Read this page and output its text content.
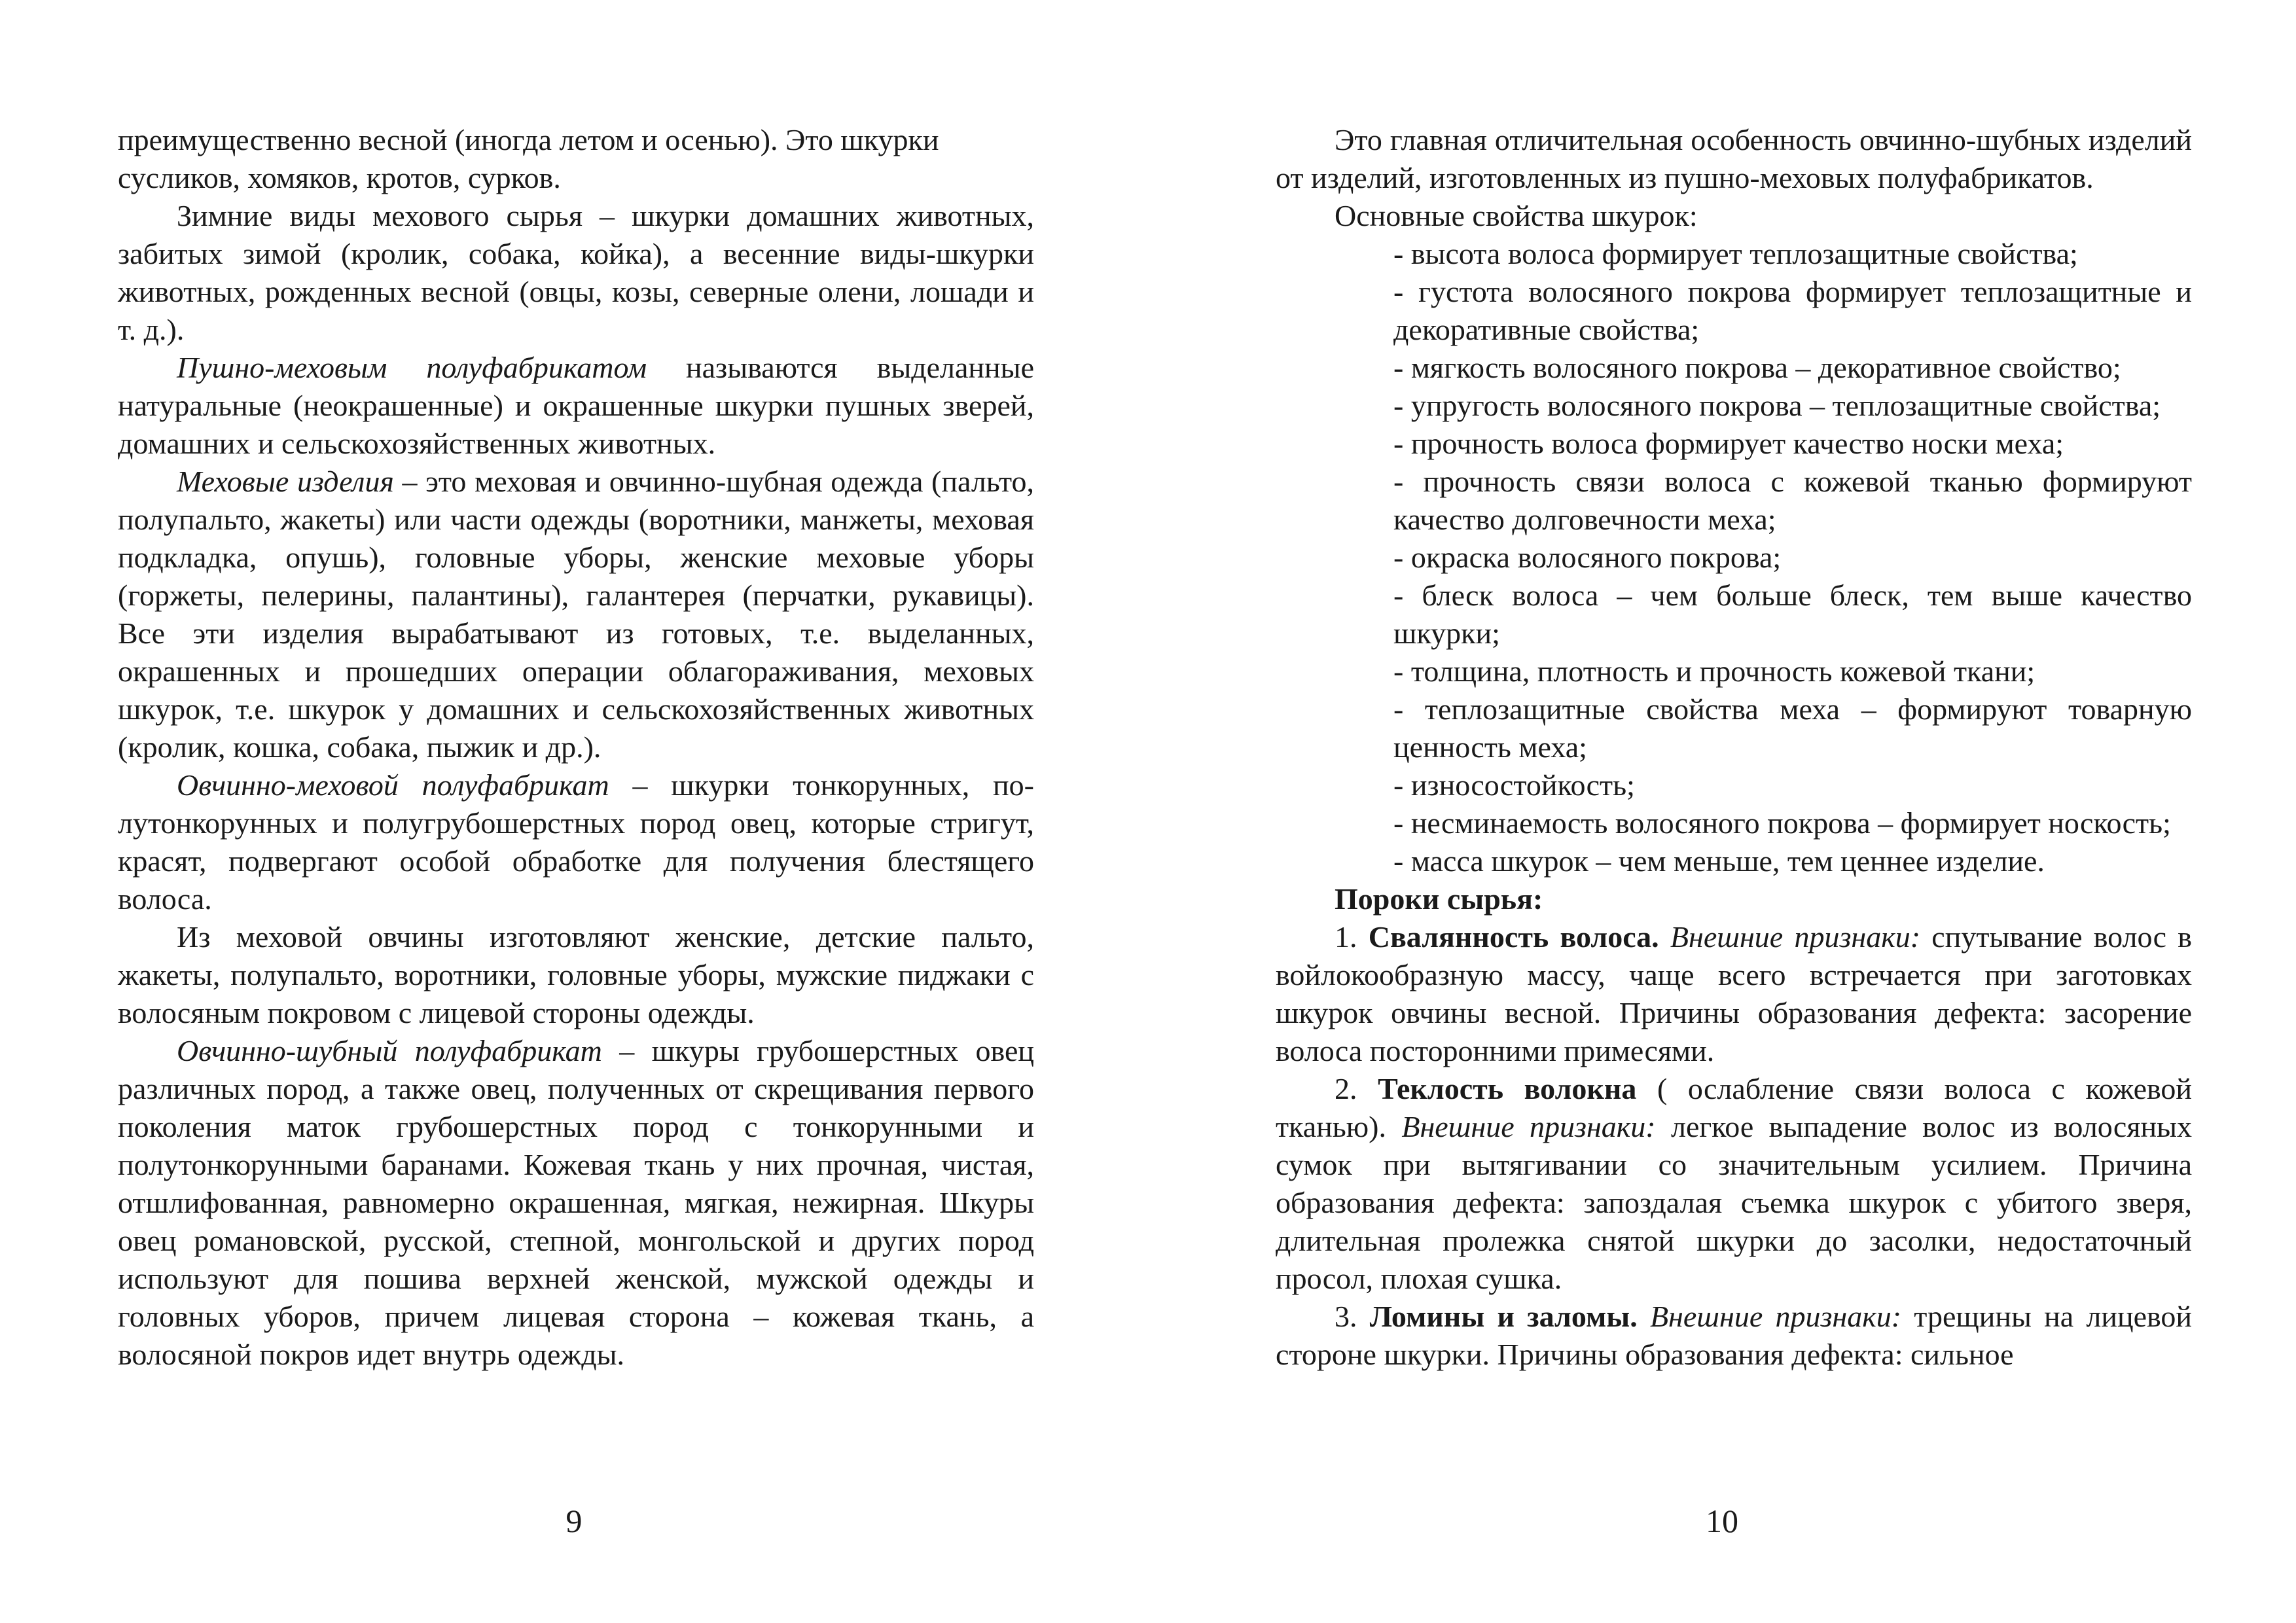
преимущественно весной (иногда летом и осенью). Это шкурки сусликов, хомяков, кротов, сурков.

Зимние виды мехового сырья – шкурки домашних животных, забитых зимой (кролик, собака, койка), а весенние виды-шкурки животных, рожденных весной (овцы, козы, северные олени, лошади и т. д.).

Пушно-меховым полуфабрикатом называются выделанные натуральные (неокрашенные) и окрашенные шкурки пушных зверей, домашних и сельскохозяйственных животных.

Меховые изделия – это меховая и овчинно-шубная одежда (пальто, полупальто, жакеты) или части одежды (воротники, манжеты, меховая подкладка, опушь), головные уборы, женские меховые уборы (горжеты, пелерины, палантины), галантерея (перчатки, рукавицы). Все эти изделия вырабатывают из готовых, т.е. выделанных, окрашенных и прошедших операции облагораживания, меховых шкурок, т.е. шкурок у домашних и сельскохозяйственных животных (кролик, кошка, собака, пыжик и др.).

Овчинно-меховой полуфабрикат – шкурки тонкорунных, полутонкорунных и полугрубошерстных пород овец, которые стригут, красят, подвергают особой обработке для получения блестящего волоса.

Из меховой овчины изготовляют женские, детские пальто, жакеты, полупальто, воротники, головные уборы, мужские пиджаки с волосяным покровом с лицевой стороны одежды.

Овчинно-шубный полуфабрикат – шкуры грубошерстных овец различных пород, а также овец, полученных от скрещивания первого поколения маток грубошерстных пород с тонкорунными и полутонкорунными баранами. Кожевая ткань у них прочная, чистая, отшлифованная, равномерно окрашенная, мягкая, нежирная. Шкуры овец романовской, русской, степной, монгольской и других пород используют для пошива верхней женской, мужской одежды и головных уборов, причем лицевая сторона – кожевая ткань, а волосяной покров идет внутрь одежды.

9

Это главная отличительная особенность овчинно-шубных изделий от изделий, изготовленных из пушно-меховых полуфабрикатов.

Основные свойства шкурок:

- высота волоса формирует теплозащитные свойства;

- густота волосяного покрова формирует теплозащитные и декоративные свойства;

- мягкость волосяного покрова – декоративное свойство;

- упругость волосяного покрова – теплозащитные свойства;

- прочность волоса формирует качество носки меха;

- прочность связи волоса с кожевой тканью формируют качество долговечности меха;

- окраска волосяного покрова;

- блеск волоса – чем больше блеск, тем выше качество шкурки;

- толщина, плотность и прочность кожевой ткани;

- теплозащитные свойства меха – формируют товарную ценность меха;

- износостойкость;

- несминаемость волосяного покрова – формирует носкость;

- масса шкурок – чем меньше, тем ценнее изделие.

Пороки сырья:

1. Свалянность волоса. Внешние признаки: спутывание волос в войлокообразную массу, чаще всего встречается при заготовках шкурок овчины весной. Причины образования дефекта: засорение волоса посторонними примесями.

2. Теклость волокна ( ослабление связи волоса с кожевой тканью). Внешние признаки: легкое выпадение волос из волосяных сумок при вытягивании со значительным усилием. Причина образования дефекта: запоздалая съемка шкурок с убитого зверя, длительная пролежка снятой шкурки до засолки, недостаточный просол, плохая сушка.

3. Ломины и заломы. Внешние признаки: трещины на лицевой стороне шкурки. Причины образования дефекта: сильное

10
